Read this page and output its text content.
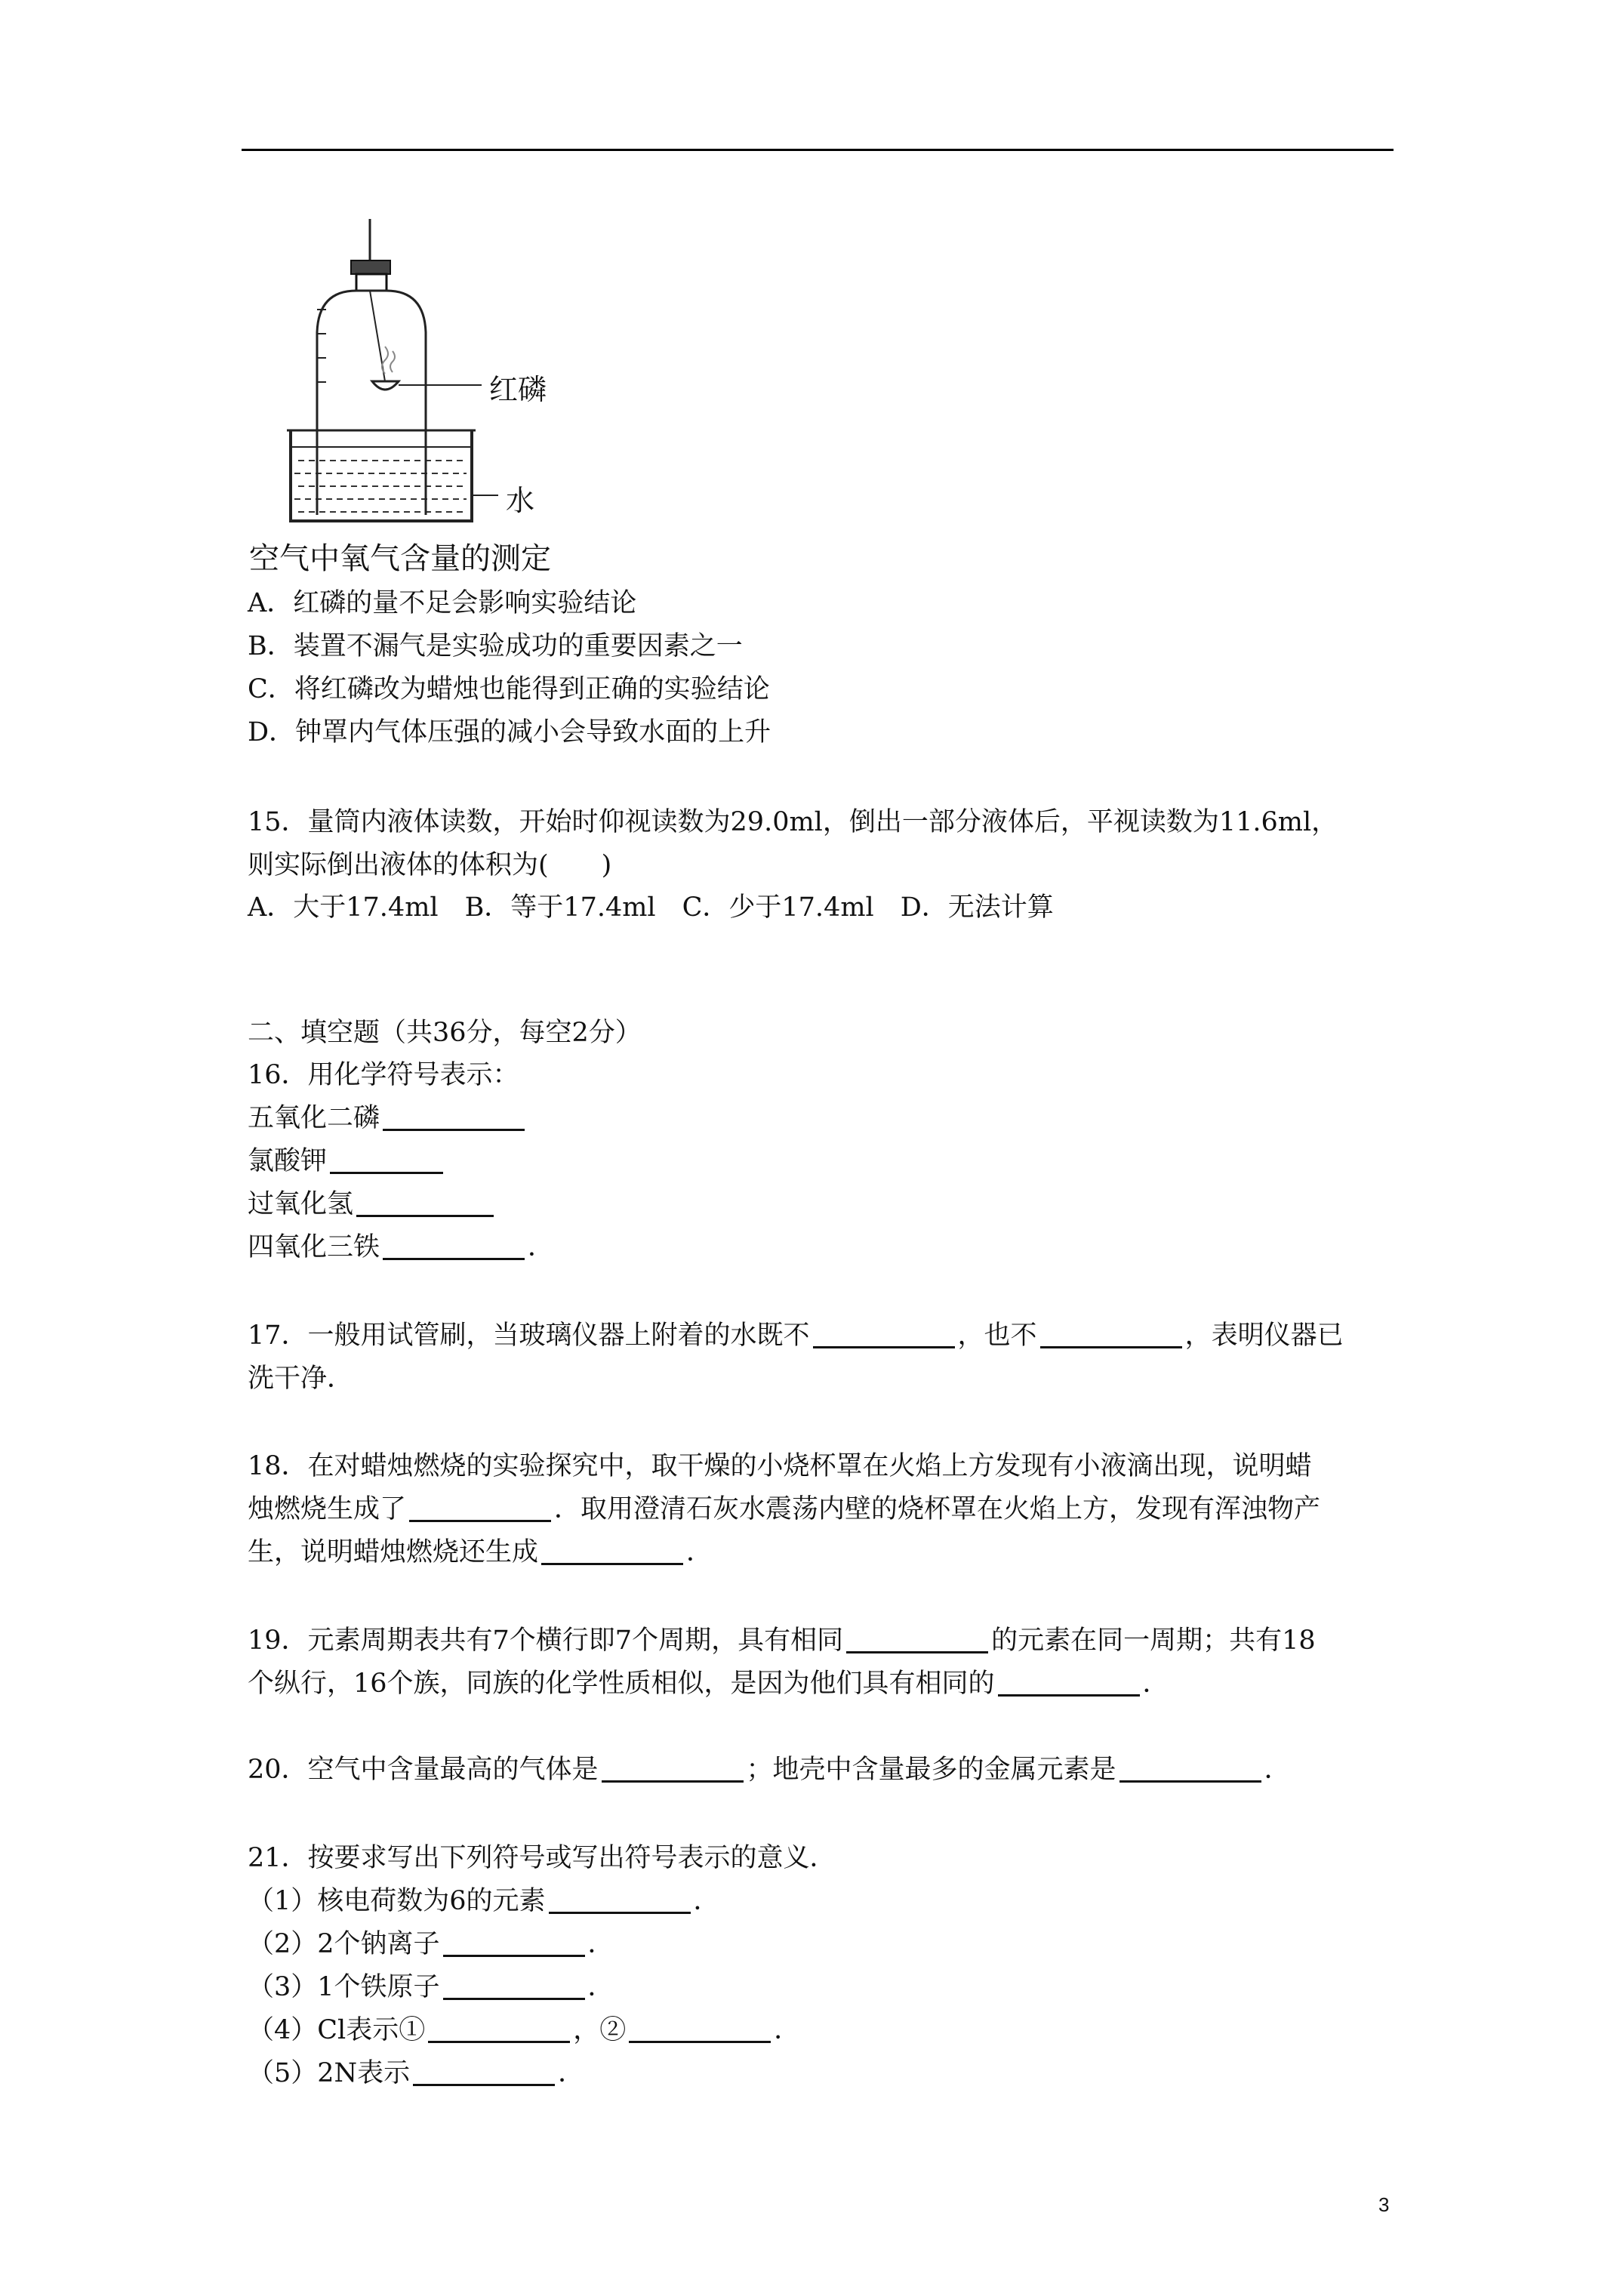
红磷
水
空气中氧气含量的测定
A．红磷的量不足会影响实验结论
B．装置不漏气是实验成功的重要因素之一
C．将红磷改为蜡烛也能得到正确的实验结论
D．钟罩内气体压强的减小会导致水面的上升
15．量筒内液体读数，开始时仰视读数为29.0ml，倒出一部分液体后，平视读数为11.6ml，
则实际倒出液体的体积为(　　)
A．大于17.4ml　B．等于17.4ml　C．少于17.4ml　D．无法计算
二、填空题（共36分，每空2分）
16．用化学符号表示：
五氧化二磷
氯酸钾
过氧化氢
四氧化三铁	．
17．一般用试管刷，当玻璃仪器上附着的水既不	，也不	，表明仪器已
洗干净．
18．在对蜡烛燃烧的实验探究中，取干燥的小烧杯罩在火焰上方发现有小液滴出现，说明蜡
烛燃烧生成了	．取用澄清石灰水震荡内壁的烧杯罩在火焰上方，发现有浑浊物产
生，说明蜡烛燃烧还生成	．
19．元素周期表共有7个横行即7个周期，具有相同	的元素在同一周期；共有18
个纵行，16个族，同族的化学性质相似，是因为他们具有相同的	．
20．空气中含量最高的气体是	；地壳中含量最多的金属元素是	．
21．按要求写出下列符号或写出符号表示的意义．
（1）核电荷数为6的元素	．
（2）2个钠离子	．
（3）1个铁原子	．
（4）Cl表示①	，②	．
（5）2N表示	．
3
